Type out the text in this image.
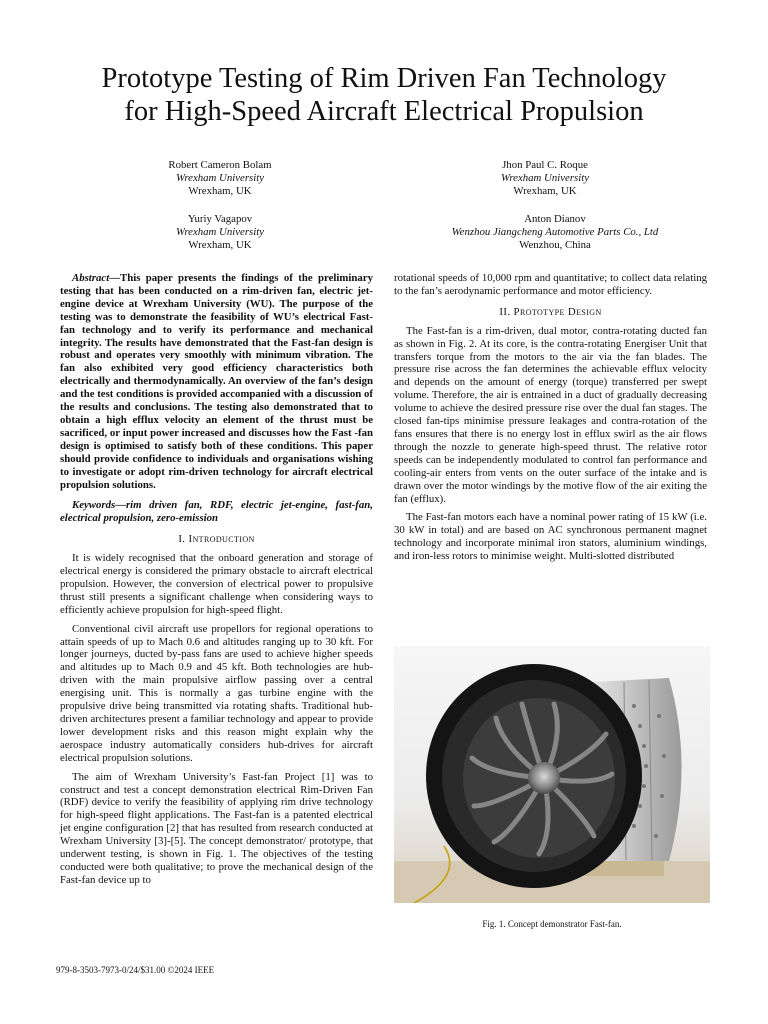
Prototype Testing of Rim Driven Fan Technology
for High-Speed Aircraft Electrical Propulsion
Robert Cameron Bolam
Wrexham University
Wrexham, UK
Jhon Paul C. Roque
Wrexham University
Wrexham, UK
Yuriy Vagapov
Wrexham University
Wrexham, UK
Anton Dianov
Wenzhou Jiangcheng Automotive Parts Co., Ltd
Wenzhou, China

Abstract—This paper presents the findings of the preliminary testing that has been conducted on a rim-driven fan, electric jet-engine device at Wrexham University (WU). The purpose of the testing was to demonstrate the feasibility of WU’s electrical Fast-fan technology and to verify its performance and mechanical integrity. The results have demonstrated that the Fast-fan design is robust and operates very smoothly with minimum vibration. The fan also exhibited very good efficiency characteristics both electrically and thermodynamically. An overview of the fan’s design and the test conditions is provided accompanied with a discussion of the results and conclusions. The testing also demonstrated that to obtain a high efflux velocity an element of the thrust must be sacrificed, or input power increased and discusses how the Fast -fan design is optimised to satisfy both of these conditions. This paper should provide confidence to individuals and organisations wishing to investigate or adopt rim-driven technology for aircraft electrical propulsion solutions.

Keywords—rim driven fan, RDF, electric jet-engine, fast-fan, electrical propulsion, zero-emission

I. Introduction

It is widely recognised that the onboard generation and storage of electrical energy is considered the primary obstacle to aircraft electrical propulsion. However, the conversion of electrical power to propulsive thrust still presents a significant challenge when considering ways to efficiently achieve propulsion for high-speed flight.

Conventional civil aircraft use propellors for regional operations to attain speeds of up to Mach 0.6 and altitudes ranging up to 30 kft. For longer journeys, ducted by-pass fans are used to achieve higher speeds and altitudes up to Mach 0.9 and 45 kft. Both technologies are hub-driven with the main propulsive airflow passing over a central energising unit. This is normally a gas turbine engine with the propulsive drive being transmitted via rotating shafts. Traditional hub-driven architectures present a familiar technology and appear to provide lower development risks and this reason might explain why the aerospace industry automatically considers hub-drives for aircraft electrical propulsion solutions.

The aim of Wrexham University’s Fast-fan Project [1] was to construct and test a concept demonstration electrical Rim-Driven Fan (RDF) device to verify the feasibility of applying rim drive technology for high-speed flight applications. The Fast-fan is a patented electrical jet engine configuration [2] that has resulted from research conducted at Wrexham University [3]-[5]. The concept demonstrator/ prototype, that underwent testing, is shown in Fig. 1. The objectives of the testing conducted were both qualitative; to prove the mechanical design of the Fast-fan device up to

rotational speeds of 10,000 rpm and quantitative; to collect data relating to the fan’s aerodynamic performance and motor efficiency.

II. Prototype Design

The Fast-fan is a rim-driven, dual motor, contra-rotating ducted fan as shown in Fig. 2. At its core, is the contra-rotating Energiser Unit that transfers torque from the motors to the air via the fan blades. The pressure rise across the fan determines the achievable efflux velocity and depends on the amount of energy (torque) transferred per swept volume. Therefore, the air is entrained in a duct of gradually decreasing volume to achieve the desired pressure rise over the dual fan stages. The closed fan-tips minimise pressure leakages and contra-rotation of the fans ensures that there is no energy lost in efflux swirl as the air flows through the nozzle to generate high-speed thrust. The relative rotor speeds can be independently modulated to control fan performance and cooling-air enters from vents on the outer surface of the intake and is drawn over the motor windings by the motive flow of the air exiting the fan (efflux).

The Fast-fan motors each have a nominal power rating of 15 kW (i.e. 30 kW in total) and are based on AC synchronous permanent magnet technology and incorporate minimal iron stators, aluminium windings, and iron-less rotors to minimise weight. Multi-slotted distributed

Fig. 1. Concept demonstrator Fast-fan.
979-8-3503-7973-0/24/$31.00 ©2024 IEEE
